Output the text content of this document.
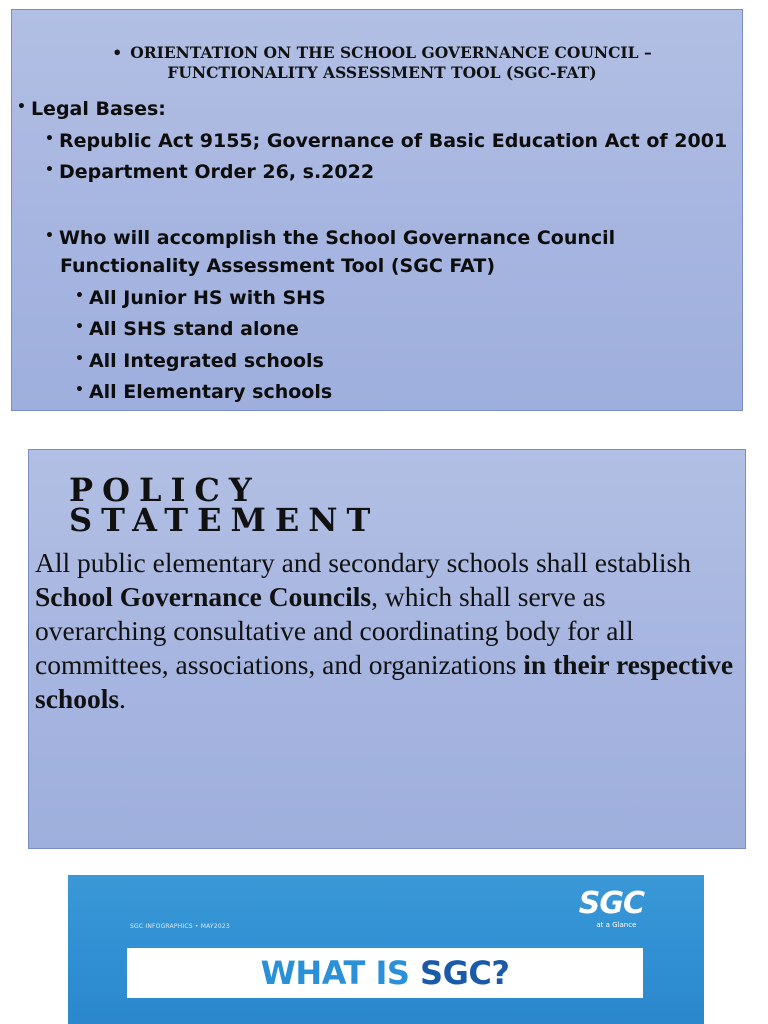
• ORIENTATION ON THE SCHOOL GOVERNANCE COUNCIL –
FUNCTIONALITY ASSESSMENT TOOL (SGC-FAT)
• Legal Bases:
• Republic Act 9155; Governance of Basic Education Act of 2001
• Department Order 26, s.2022
• Who will accomplish the School Governance Council
Functionality Assessment Tool (SGC FAT)
• All Junior HS with SHS
• All SHS stand alone
• All Integrated schools
• All Elementary schools
POLICY
STATEMENT

All public elementary and secondary schools shall establish School Governance Councils, which shall serve as overarching consultative and coordinating body for all committees, associations, and organizations in their respective schools.

SGC INFOGRAPHICS • MAY2023
SGC
at a Glance
WHAT IS SGC?
